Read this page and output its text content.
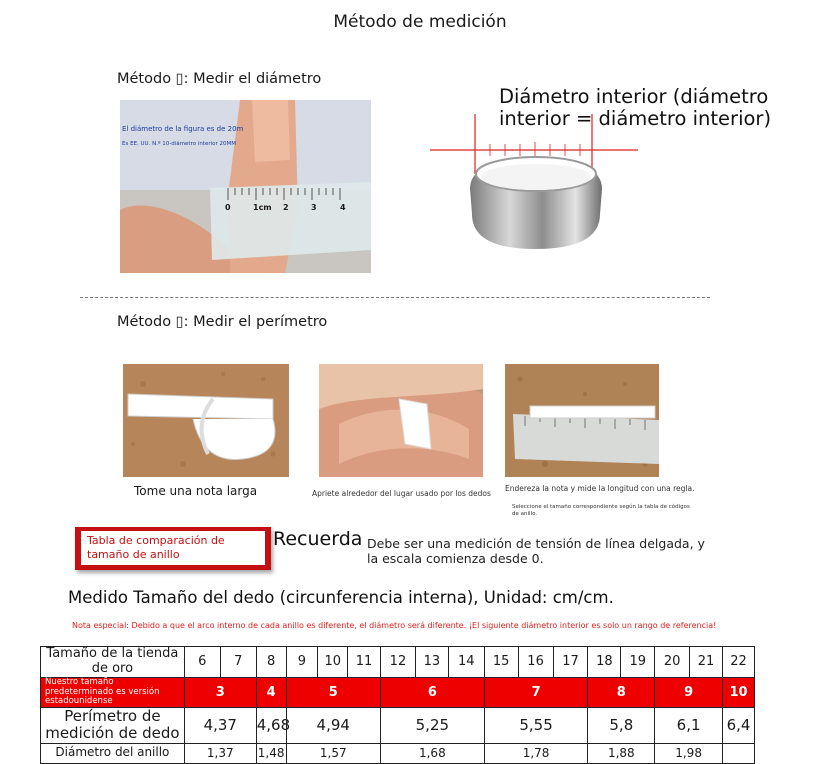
Método de medición
Método ▯: Medir el diámetro
El diámetro de la figura es de 20m
Es EE. UU. N.º 10-diámetro interior 20MM
0	1cm 2	3	4
Diámetro interior (diámetro interior = diámetro interior)
Método ▯: Medir el perímetro
Tome una nota larga	Apriete alrededor del lugar usado por los dedos
Endereza la nota y mide la longitud con una regla.
Seleccione el tamaño correspondiente según la tabla de códigos de anillo.
Tabla de comparación de tamaño de anillo
Recuerda Debe ser una medición de tensión de línea delgada, y la escala comienza desde 0.
Medido Tamaño del dedo (circunferencia interna), Unidad: cm/cm.
Nota especial: Debido a que el arco interno de cada anillo es diferente, el diámetro será diferente. ¡El siguiente diámetro interior es solo un rango de referencia!
Tamaño de la tienda de oro	6	7	8	9	10	11	12	13	14	15	16	17	18	19	20	21	22
Nuestro tamaño predeterminado es versión estadounidense	3		4	5			6			7			8		9		10
Perímetro de medición de dedo	4,37		4,68	4,94			5,25			5,55			5,8		6,1		6,4
Diámetro del anillo	1,37		1,48	1,57			1,68			1,78			1,88		1,98		
